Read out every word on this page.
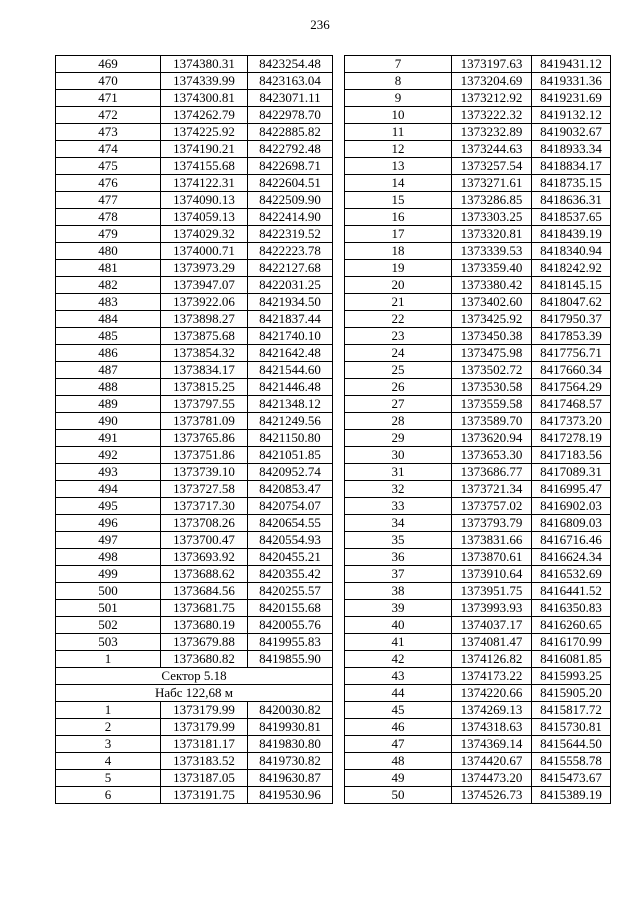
236
469	1374380.31	8423254.48
470	1374339.99	8423163.04
471	1374300.81	8423071.11
472	1374262.79	8422978.70
473	1374225.92	8422885.82
474	1374190.21	8422792.48
475	1374155.68	8422698.71
476	1374122.31	8422604.51
477	1374090.13	8422509.90
478	1374059.13	8422414.90
479	1374029.32	8422319.52
480	1374000.71	8422223.78
481	1373973.29	8422127.68
482	1373947.07	8422031.25
483	1373922.06	8421934.50
484	1373898.27	8421837.44
485	1373875.68	8421740.10
486	1373854.32	8421642.48
487	1373834.17	8421544.60
488	1373815.25	8421446.48
489	1373797.55	8421348.12
490	1373781.09	8421249.56
491	1373765.86	8421150.80
492	1373751.86	8421051.85
493	1373739.10	8420952.74
494	1373727.58	8420853.47
495	1373717.30	8420754.07
496	1373708.26	8420654.55
497	1373700.47	8420554.93
498	1373693.92	8420455.21
499	1373688.62	8420355.42
500	1373684.56	8420255.57
501	1373681.75	8420155.68
502	1373680.19	8420055.76
503	1373679.88	8419955.83
1	1373680.82	8419855.90
Сектор 5.18		
Набс 122,68 м		
1	1373179.99	8420030.82
2	1373179.99	8419930.81
3	1373181.17	8419830.80
4	1373183.52	8419730.82
5	1373187.05	8419630.87
6	1373191.75	8419530.96
7	1373197.63	8419431.12
8	1373204.69	8419331.36
9	1373212.92	8419231.69
10	1373222.32	8419132.12
11	1373232.89	8419032.67
12	1373244.63	8418933.34
13	1373257.54	8418834.17
14	1373271.61	8418735.15
15	1373286.85	8418636.31
16	1373303.25	8418537.65
17	1373320.81	8418439.19
18	1373339.53	8418340.94
19	1373359.40	8418242.92
20	1373380.42	8418145.15
21	1373402.60	8418047.62
22	1373425.92	8417950.37
23	1373450.38	8417853.39
24	1373475.98	8417756.71
25	1373502.72	8417660.34
26	1373530.58	8417564.29
27	1373559.58	8417468.57
28	1373589.70	8417373.20
29	1373620.94	8417278.19
30	1373653.30	8417183.56
31	1373686.77	8417089.31
32	1373721.34	8416995.47
33	1373757.02	8416902.03
34	1373793.79	8416809.03
35	1373831.66	8416716.46
36	1373870.61	8416624.34
37	1373910.64	8416532.69
38	1373951.75	8416441.52
39	1373993.93	8416350.83
40	1374037.17	8416260.65
41	1374081.47	8416170.99
42	1374126.82	8416081.85
43	1374173.22	8415993.25
44	1374220.66	8415905.20
45	1374269.13	8415817.72
46	1374318.63	8415730.81
47	1374369.14	8415644.50
48	1374420.67	8415558.78
49	1374473.20	8415473.67
50	1374526.73	8415389.19
